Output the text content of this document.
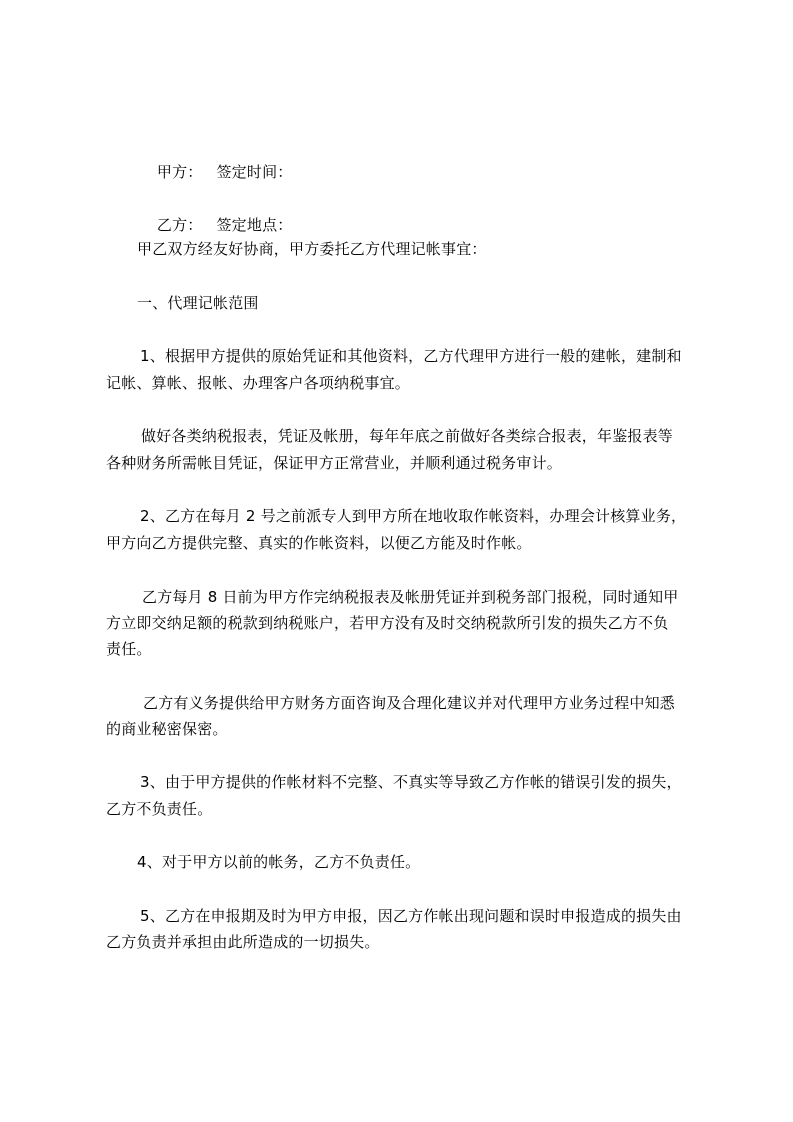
甲方： 签定时间：

乙方： 签定地点：

甲乙双方经友好协商，甲方委托乙方代理记帐事宜：
一、代理记帐范围
1、根据甲方提供的原始凭证和其他资料，乙方代理甲方进行一般的建帐，建制和
记帐、算帐、报帐、办理客户各项纳税事宜。
做好各类纳税报表，凭证及帐册，每年年底之前做好各类综合报表，年鉴报表等
各种财务所需帐目凭证，保证甲方正常营业，并顺利通过税务审计。
2、乙方在每月 2 号之前派专人到甲方所在地收取作帐资料，办理会计核算业务，
甲方向乙方提供完整、真实的作帐资料，以便乙方能及时作帐。
乙方每月 8 日前为甲方作完纳税报表及帐册凭证并到税务部门报税，同时通知甲
方立即交纳足额的税款到纳税账户，若甲方没有及时交纳税款所引发的损失乙方不负
责任。
乙方有义务提供给甲方财务方面咨询及合理化建议并对代理甲方业务过程中知悉
的商业秘密保密。
3、由于甲方提供的作帐材料不完整、不真实等导致乙方作帐的错误引发的损失，
乙方不负责任。
4、对于甲方以前的帐务，乙方不负责任。
5、乙方在申报期及时为甲方申报，因乙方作帐出现问题和误时申报造成的损失由
乙方负责并承担由此所造成的一切损失。
